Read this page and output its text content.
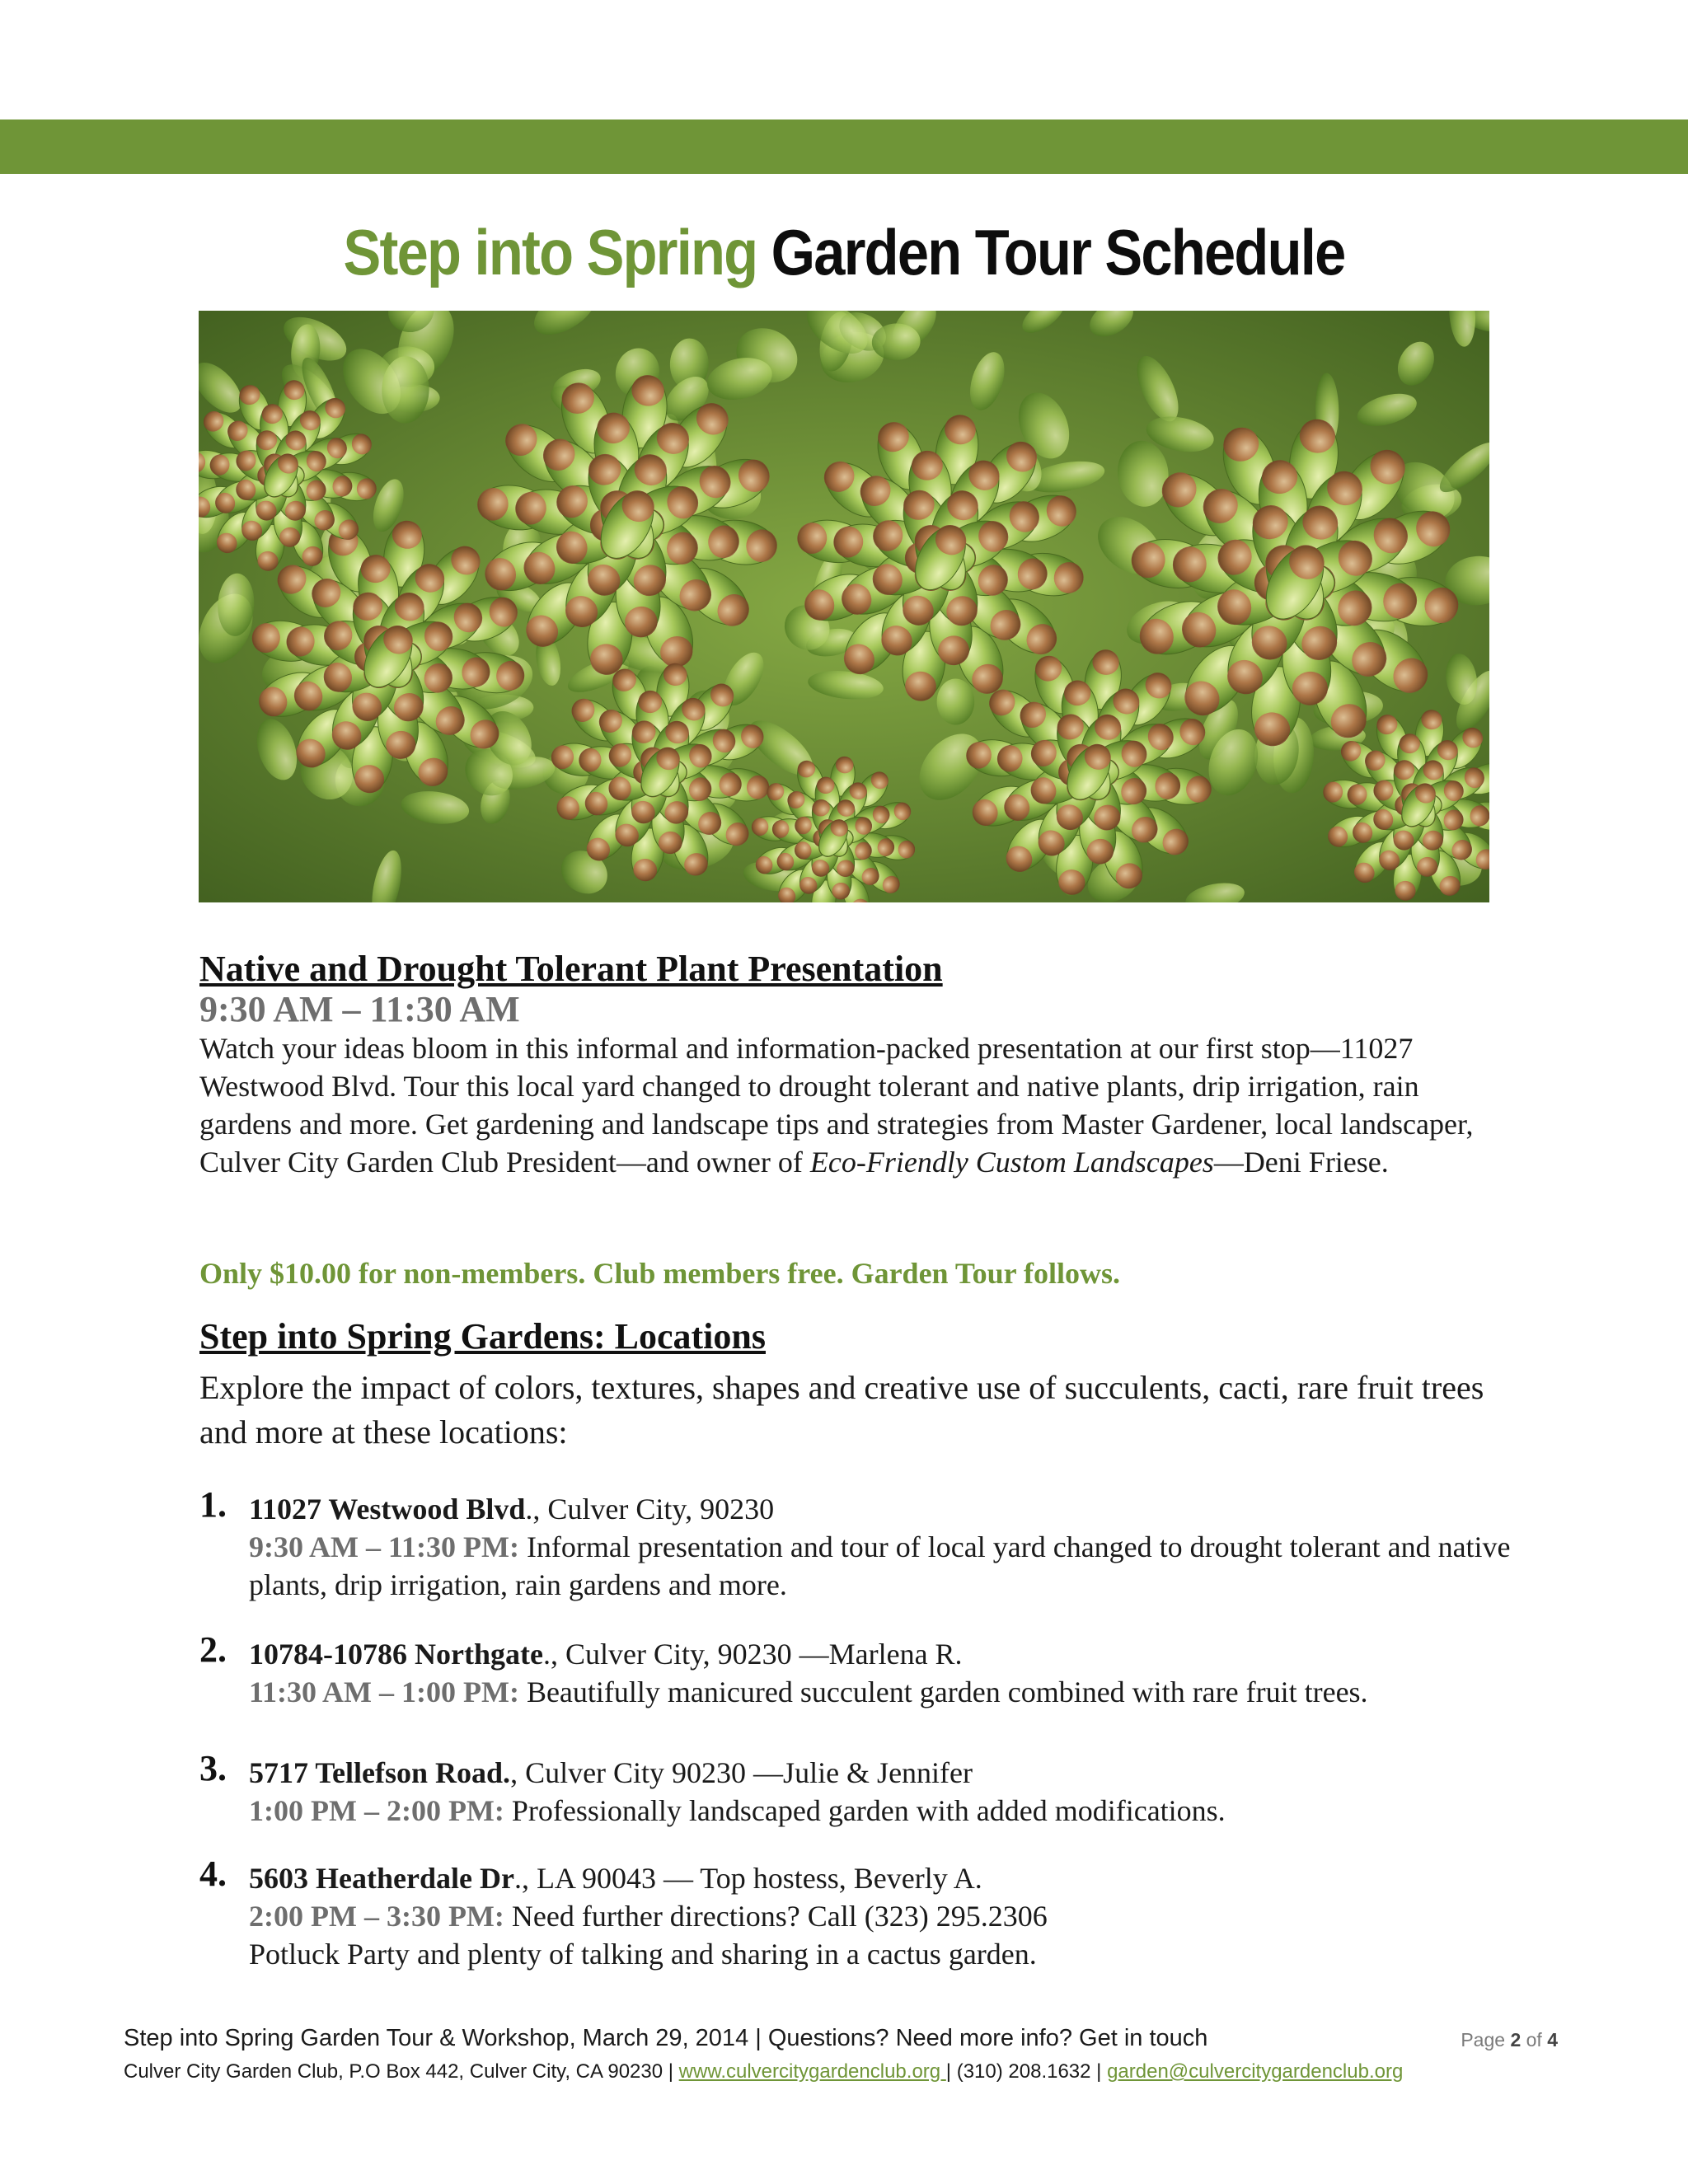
Step into Spring Garden Tour Schedule
Native and Drought Tolerant Plant Presentation
9:30 AM – 11:30 AM

Watch your ideas bloom in this informal and information-packed presentation at our first stop—11027 Westwood Blvd. Tour this local yard changed to drought tolerant and native plants, drip irrigation, rain gardens and more. Get gardening and landscape tips and strategies from Master Gardener, local landscaper, Culver City Garden Club President—and owner of Eco-Friendly Custom Landscapes—Deni Friese.

Only $10.00 for non-members. Club members free. Garden Tour follows.
Step into Spring Gardens: Locations
Explore the impact of colors, textures, shapes and creative use of succulents, cacti, rare fruit trees and more at these locations:
1. 11027 Westwood Blvd., Culver City, 90230
9:30 AM – 11:30 PM: Informal presentation and tour of local yard changed to drought tolerant and native plants, drip irrigation, rain gardens and more.
2. 10784-10786 Northgate., Culver City, 90230 —Marlena R.
11:30 AM – 1:00 PM: Beautifully manicured succulent garden combined with rare fruit trees.
3. 5717 Tellefson Road., Culver City 90230 —Julie & Jennifer
1:00 PM – 2:00 PM: Professionally landscaped garden with added modifications.
4. 5603 Heatherdale Dr., LA 90043 — Top hostess, Beverly A.
2:00 PM – 3:30 PM: Need further directions? Call (323) 295.2306
Potluck Party and plenty of talking and sharing in a cactus garden.
Step into Spring Garden Tour & Workshop, March 29, 2014 | Questions? Need more info? Get in touch	Page 2 of 4
Culver City Garden Club, P.O Box 442, Culver City, CA 90230 | www.culvercitygardenclub.org | (310) 208.1632 | garden@culvercitygardenclub.org
